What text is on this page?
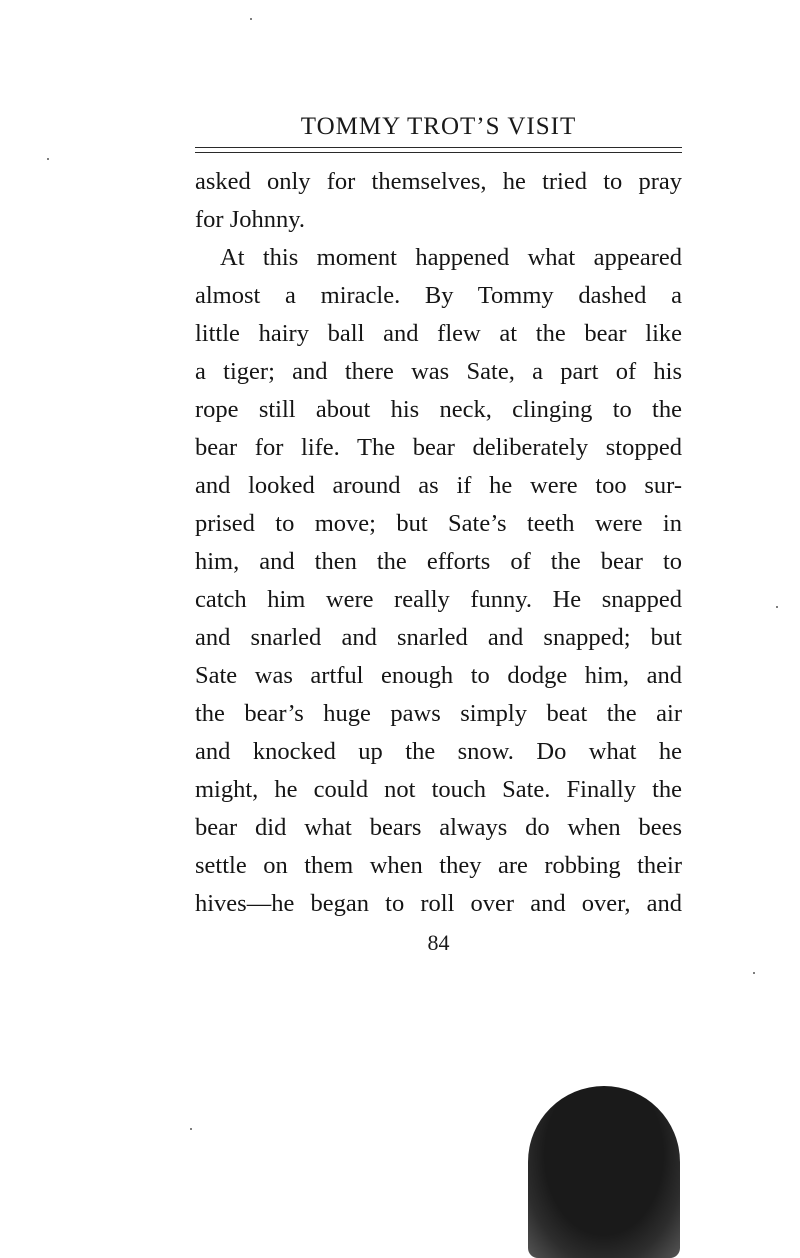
TOMMY TROT’S VISIT
asked only for themselves, he tried to pray
for Johnny.
At this moment happened what appeared
almost a miracle. By Tommy dashed a
little hairy ball and flew at the bear like
a tiger; and there was Sate, a part of his
rope still about his neck, clinging to the
bear for life. The bear deliberately stopped
and looked around as if he were too sur-
prised to move; but Sate’s teeth were in
him, and then the efforts of the bear to
catch him were really funny. He snapped
and snarled and snarled and snapped; but
Sate was artful enough to dodge him, and
the bear’s huge paws simply beat the air
and knocked up the snow. Do what he
might, he could not touch Sate. Finally the
bear did what bears always do when bees
settle on them when they are robbing their
hives—he began to roll over and over, and
84
